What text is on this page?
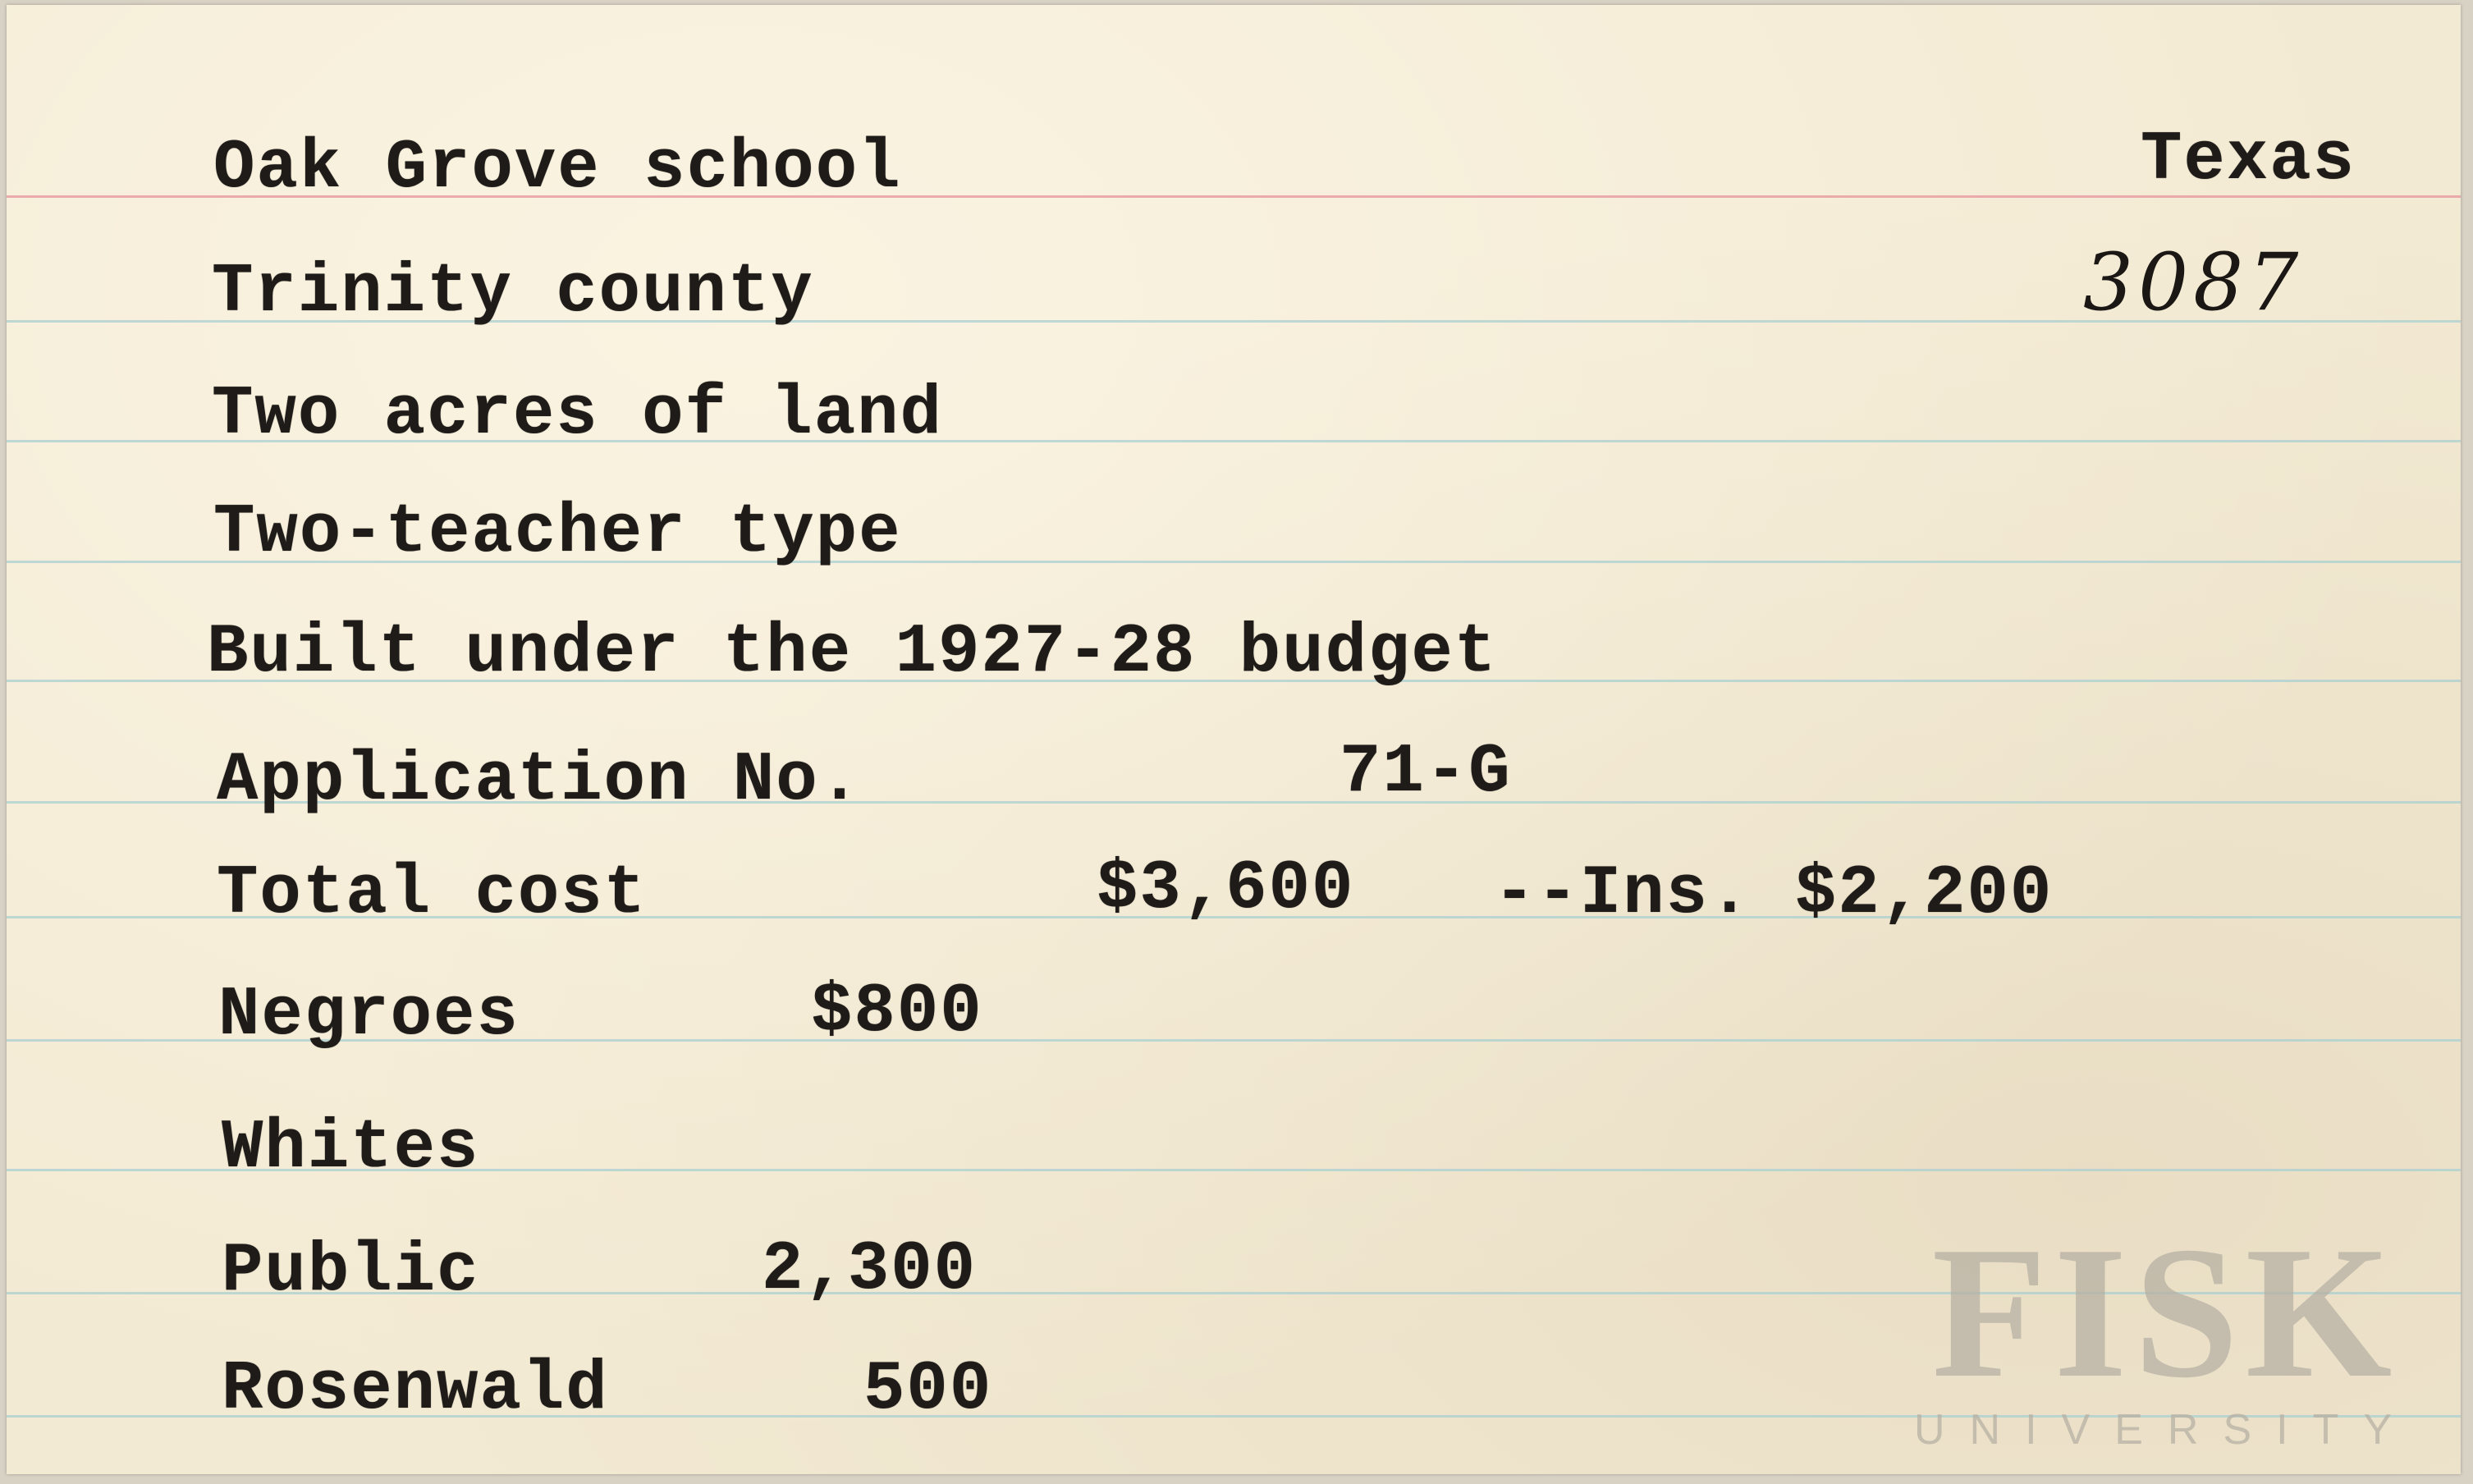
Oak Grove school	Texas
3087
Trinity county
Two acres of land
Two-teacher type
Built under the 1927-28 budget
Application No.	71-G
Total cost	$3,600 --Ins. $2,200
Negroes	$800
Whites
Public	2,300
Rosenwald	500	FISK
UNIVERSITY
